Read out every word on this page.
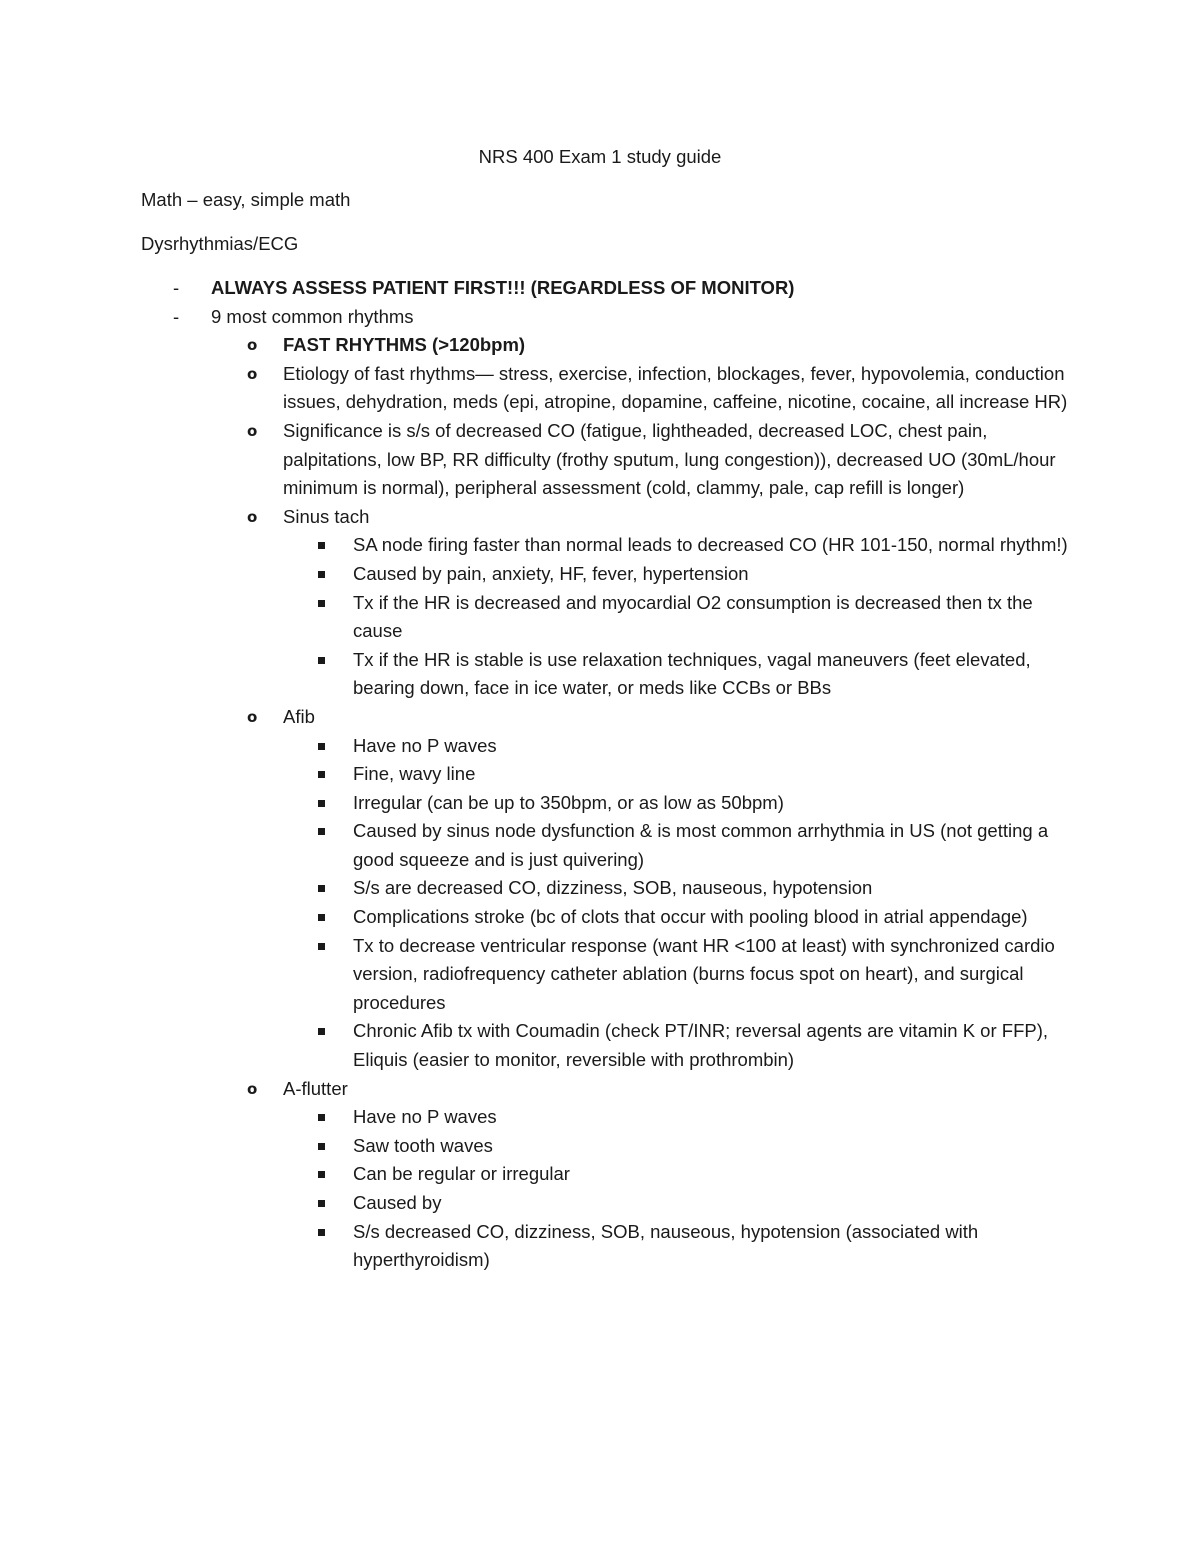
NRS 400 Exam 1 study guide
Math – easy, simple math
Dysrhythmias/ECG
- ALWAYS ASSESS PATIENT FIRST!!! (REGARDLESS OF MONITOR)
- 9 most common rhythms
o FAST RHYTHMS (>120bpm)
o Etiology of fast rhythms— stress, exercise, infection, blockages, fever, hypovolemia, conduction issues, dehydration, meds (epi, atropine, dopamine, caffeine, nicotine, cocaine, all increase HR)
o Significance is s/s of decreased CO (fatigue, lightheaded, decreased LOC, chest pain, palpitations, low BP, RR difficulty (frothy sputum, lung congestion)), decreased UO (30mL/hour minimum is normal), peripheral assessment (cold, clammy, pale, cap refill is longer)
o Sinus tach
SA node firing faster than normal leads to decreased CO (HR 101-150, normal rhythm!)
Caused by pain, anxiety, HF, fever, hypertension
Tx if the HR is decreased and myocardial O2 consumption is decreased then tx the cause
Tx if the HR is stable is use relaxation techniques, vagal maneuvers (feet elevated, bearing down, face in ice water, or meds like CCBs or BBs
o Afib
Have no P waves
Fine, wavy line
Irregular (can be up to 350bpm, or as low as 50bpm)
Caused by sinus node dysfunction & is most common arrhythmia in US (not getting a good squeeze and is just quivering)
S/s are decreased CO, dizziness, SOB, nauseous, hypotension
Complications stroke (bc of clots that occur with pooling blood in atrial appendage)
Tx to decrease ventricular response (want HR <100 at least) with synchronized cardio version, radiofrequency catheter ablation (burns focus spot on heart), and surgical procedures
Chronic Afib tx with Coumadin (check PT/INR; reversal agents are vitamin K or FFP), Eliquis (easier to monitor, reversible with prothrombin)
o A-flutter
Have no P waves
Saw tooth waves
Can be regular or irregular
Caused by
S/s decreased CO, dizziness, SOB, nauseous, hypotension (associated with hyperthyroidism)
